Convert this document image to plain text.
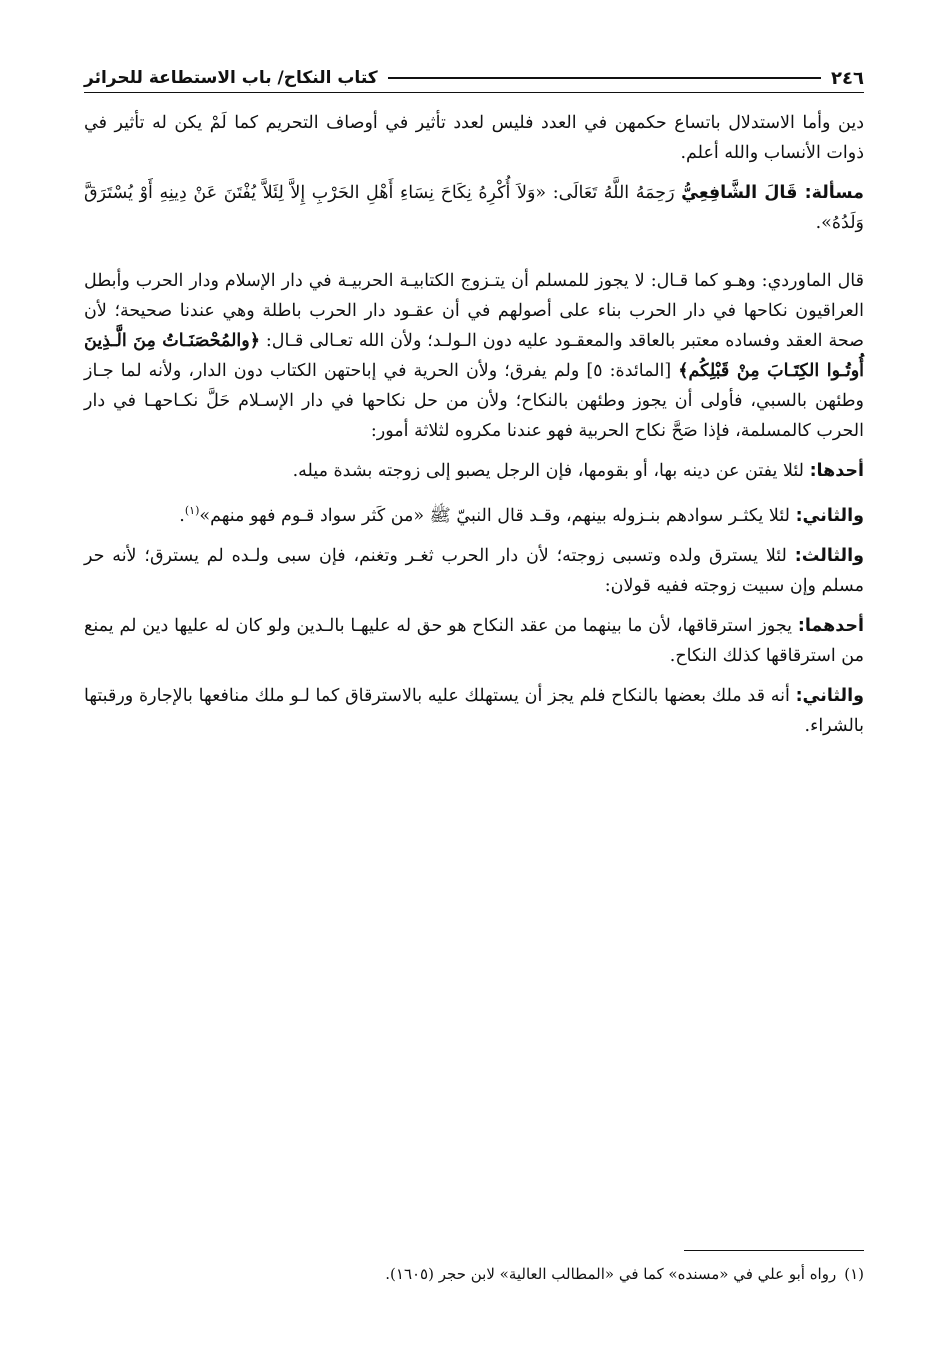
٢٤٦
كتاب النكاح/ باب الاستطاعة للحرائر

دين وأما الاستدلال باتساع حكمهن في العدد فليس لعدد تأثير في أوصاف التحريم كما لَمْ يكن له تأثير في ذوات الأنساب والله أعلم.

مسألة: قَالَ الشَّافِعِيُّ رَحِمَهُ اللَّهُ تَعَالَى: «وَلاَ أُكْرِهُ نِكَاحَ نِسَاءِ أَهْلِ الحَرْبِ إِلاَّ لِئَلاَّ يُفْتَنَ عَنْ دِينِهِ أَوْ يُسْتَرَقَّ وَلَدُهُ».

قال الماوردي: وهـو كما قـال: لا يجوز للمسلم أن يتـزوج الكتابيـة الحربيـة في دار الإسلام ودار الحرب وأبطل العراقيون نكاحها في دار الحرب بناء على أصولهم في أن عقـود دار الحرب باطلة وهي عندنا صحيحة؛ لأن صحة العقد وفساده معتبر بالعاقد والمعقـود عليه دون الـولـد؛ ولأن الله تعـالى قـال: ﴿والمُحْصَنَـاتُ مِنَ الَّـذِينَ أُوتُـوا الكِتَـابَ مِنْ قَبْلِكُم﴾ [المائدة: ٥] ولم يفرق؛ ولأن الحرية في إباحتهن الكتاب دون الدار، ولأنه لما جـاز وطئهن بالسبي، فأولى أن يجوز وطئهن بالنكاح؛ ولأن من حل نكاحها في دار الإسـلام حَلَّ نكـاحهـا في دار الحرب كالمسلمة، فإذا صَحَّ نكاح الحربية فهو عندنا مكروه لثلاثة أمور:

أحدها: لئلا يفتن عن دينه بها، أو بقومها، فإن الرجل يصبو إلى زوجته بشدة ميله.

والثاني: لئلا يكثـر سوادهم بنـزوله بينهم، وقـد قال النبيّ ﷺ «من كَثر سواد قـوم فهو منهم»$^{(١)}$.

والثالث: لئلا يسترق ولده وتسبى زوجته؛ لأن دار الحرب ثغـر وتغنم، فإن سبى ولـده لم يسترق؛ لأنه حر مسلم وإن سبيت زوجته ففيه قولان:

أحدهما: يجوز استرقاقها، لأن ما بينهما من عقد النكاح هو حق له عليهـا بالـدين ولو كان له عليها دين لم يمنع من استرقاقها كذلك النكاح.

والثاني: أنه قد ملك بعضها بالنكاح فلم يجز أن يستهلك عليه بالاسترقاق كما لـو ملك منافعها بالإجارة ورقبتها بالشراء.

(١)رواه أبو علي في «مسنده» كما في «المطالب العالية» لابن حجر (١٦٠٥).
